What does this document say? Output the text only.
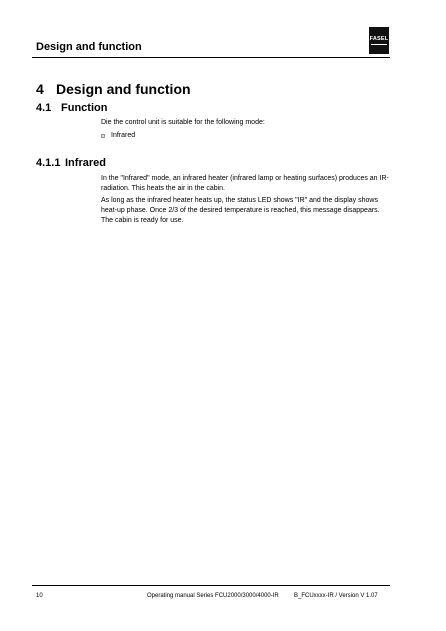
Design and function
FASEL
4 Design and function
4.1 Function
Die the control unit is suitable for the following mode:
Infrared
4.1.1 Infrared
In the "Infrared" mode, an infrared heater (infrared lamp or heating surfaces) produces an IR-radiation. This heats the air in the cabin.
As long as the infrared heater heats up, the status LED shows "IR" and the display shows heat-up phase. Once 2/3 of the desired temperature is reached, this message disappears. The cabin is ready for use.
10	Operating manual Series FCU2000/3000/4000-IR	B_FCUxxxx-IR / Version V 1.07
